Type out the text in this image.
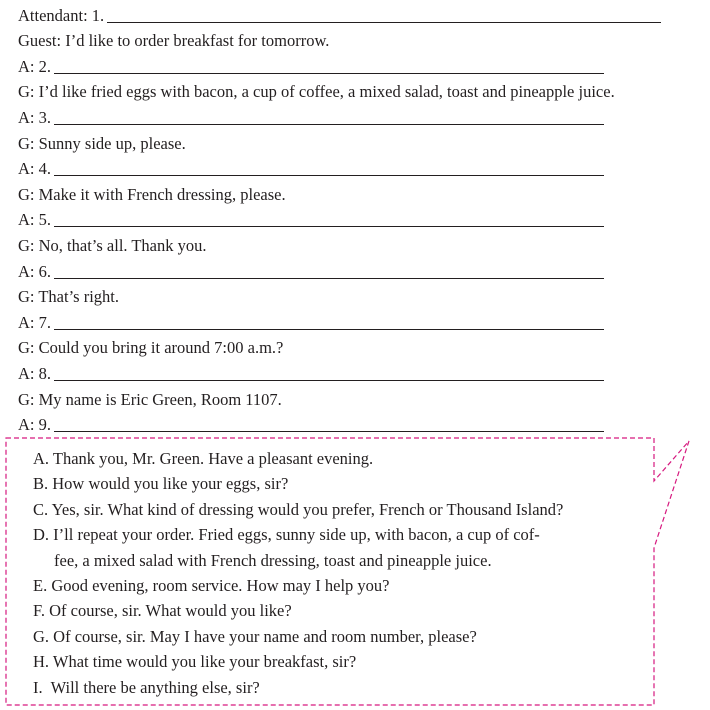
Attendant: 1.
Guest: I’d like to order breakfast for tomorrow.
A: 2.
G: I’d like fried eggs with bacon, a cup of coffee, a mixed salad, toast and pineapple juice.
A: 3.
G: Sunny side up, please.
A: 4.
G: Make it with French dressing, please.
A: 5.
G: No, that’s all. Thank you.
A: 6.
G: That’s right.
A: 7.
G: Could you bring it around 7:00 a.m.?
A: 8.
G: My name is Eric Green, Room 1107.
A: 9.
A. Thank you, Mr. Green. Have a pleasant evening.
B. How would you like your eggs, sir?
C. Yes, sir. What kind of dressing would you prefer, French or Thousand Island?
D. I’ll repeat your order. Fried eggs, sunny side up, with bacon, a cup of cof-
fee, a mixed salad with French dressing, toast and pineapple juice.
E. Good evening, room service. How may I help you?
F. Of course, sir. What would you like?
G. Of course, sir. May I have your name and room number, please?
H. What time would you like your breakfast, sir?
I.  Will there be anything else, sir?
